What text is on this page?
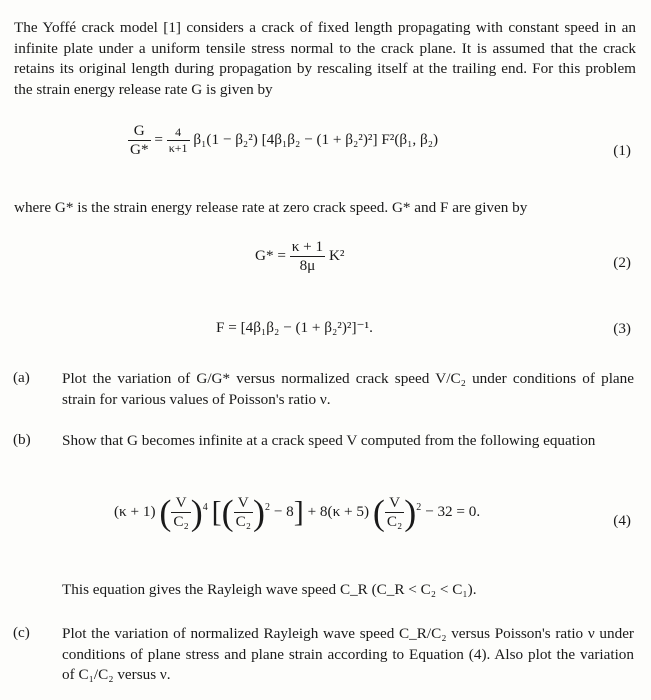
The Yoffé crack model [1] considers a crack of fixed length propagating with constant speed in an infinite plate under a uniform tensile stress normal to the crack plane. It is assumed that the crack retains its original length during propagation by rescaling itself at the trailing end. For this problem the strain energy release rate G is given by

$\frac{G}{G*} = \frac{4}{\kappa+1} \beta_1(1 - \beta_2^2) [4\beta_1\beta_2 - (1 + \beta_2^2)^2]$ F²(β₁, β₂)
(1)

where G* is the strain energy release rate at zero crack speed. G* and F are given by

$G* = \frac{\kappa + 1}{8\mu} K^2$	(2)
F = [4β₁β₂ − (1 + β₂²)²]⁻¹.	(3)
(a) Plot the variation of G/G* versus normalized crack speed V/C₂ under conditions of plane strain for various values of Poisson's ratio ν.
(b) Show that G becomes infinite at a crack speed V computed from the following equation
(κ + 1) ( $\frac{V}{\text{C₂}} )^4$ [( $\frac{V}{\text{C₂}} )^2 - 8] + 8(\kappa + 5)$ ( $\frac{V}{\text{C₂}} )^2 - 32 = 0$.
(4)
This equation gives the Rayleigh wave speed C_R (C_R < C₂ < C₁).
(c) Plot the variation of normalized Rayleigh wave speed C_R/C₂ versus Poisson's ratio ν under conditions of plane stress and plane strain according to Equation (4). Also plot the variation of C₁/C₂ versus ν.
